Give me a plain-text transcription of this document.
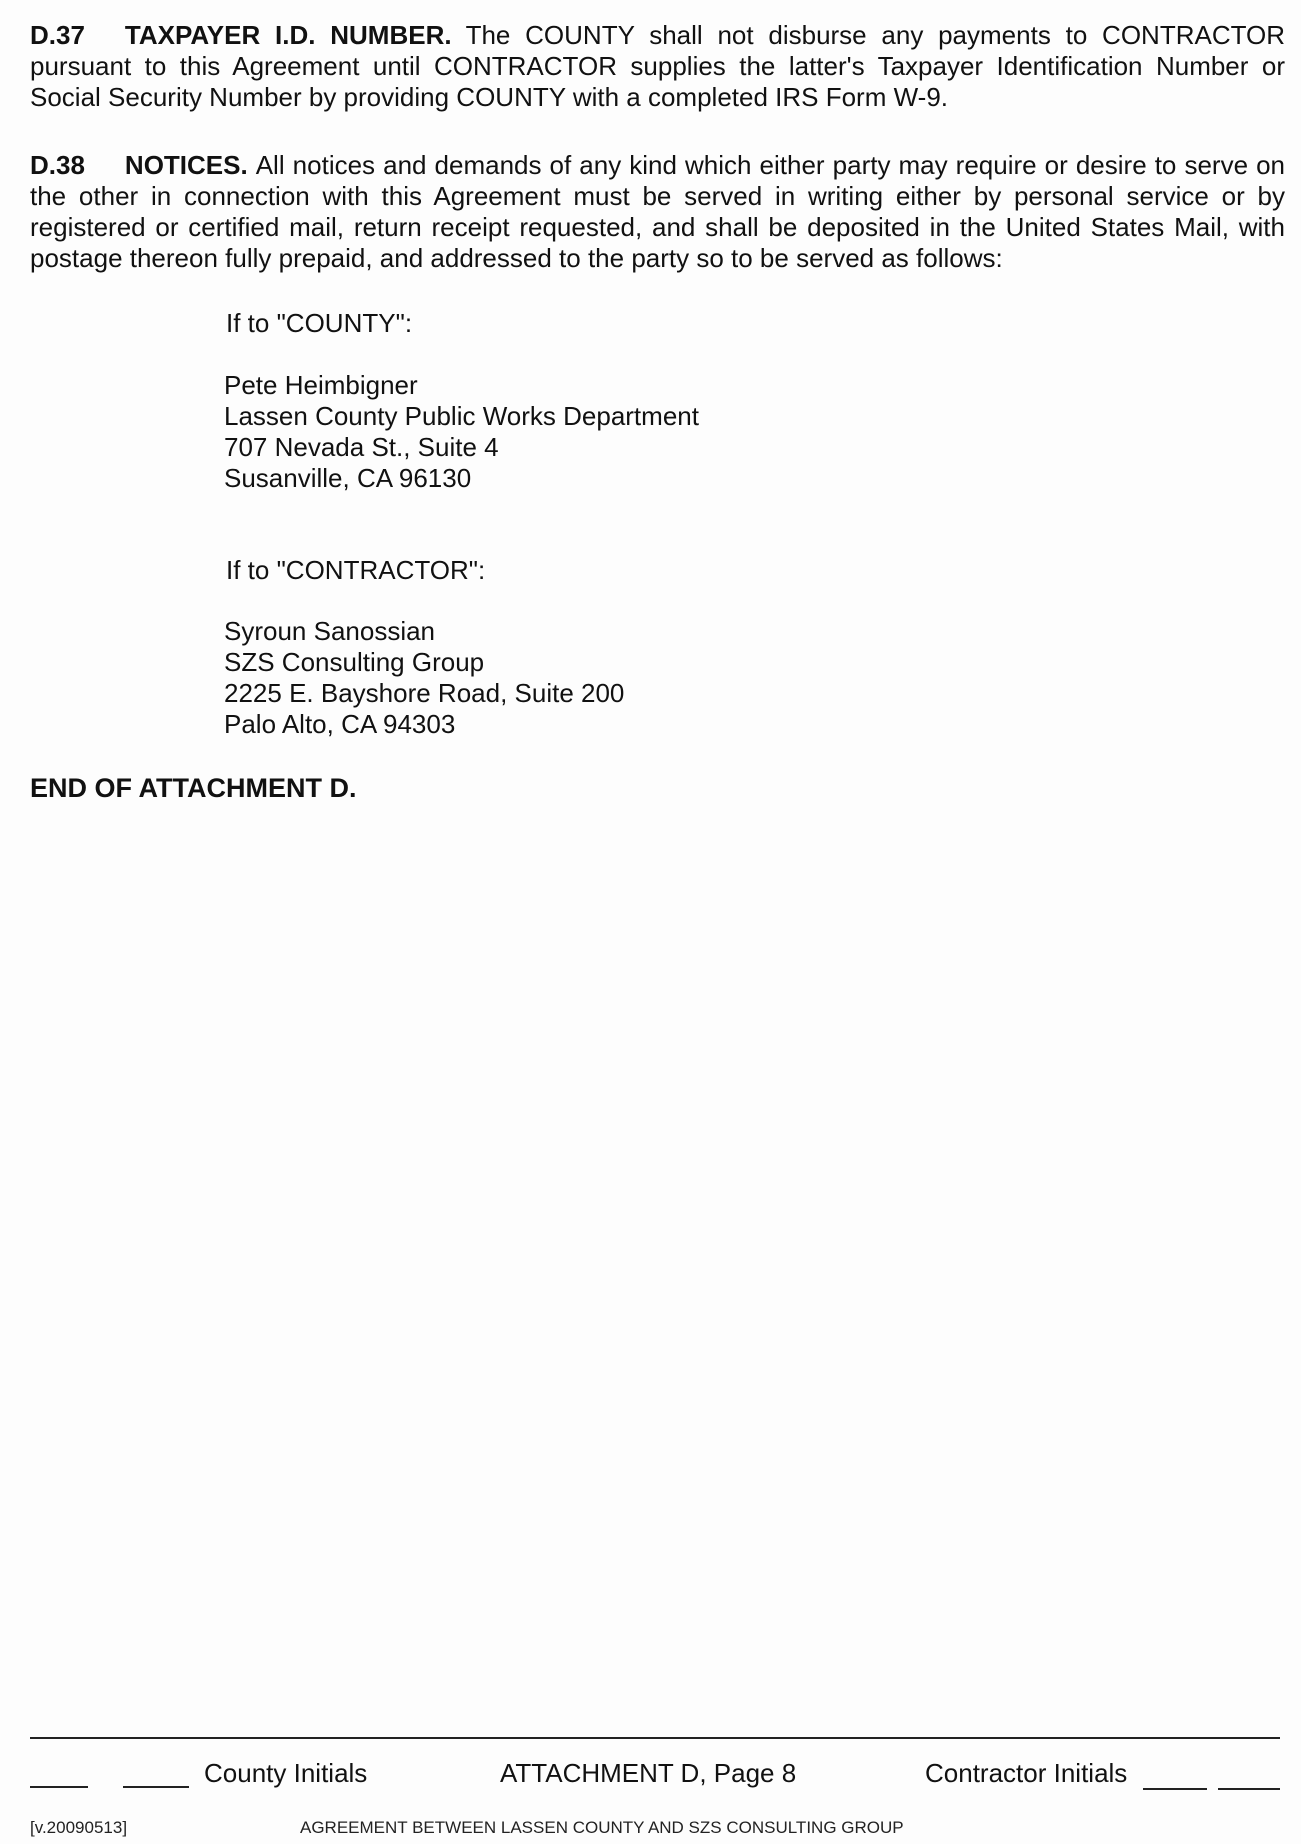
D.37 TAXPAYER I.D. NUMBER. The COUNTY shall not disburse any payments to CONTRACTOR pursuant to this Agreement until CONTRACTOR supplies the latter's Taxpayer Identification Number or Social Security Number by providing COUNTY with a completed IRS Form W-9.
D.38 NOTICES. All notices and demands of any kind which either party may require or desire to serve on the other in connection with this Agreement must be served in writing either by personal service or by registered or certified mail, return receipt requested, and shall be deposited in the United States Mail, with postage thereon fully prepaid, and addressed to the party so to be served as follows:
If to "COUNTY":
Pete Heimbigner
Lassen County Public Works Department
707 Nevada St., Suite 4
Susanville, CA 96130
If to "CONTRACTOR":
Syroun Sanossian
SZS Consulting Group
2225 E. Bayshore Road, Suite 200
Palo Alto, CA 94303
END OF ATTACHMENT D.
County Initials	ATTACHMENT D, Page 8	Contractor Initials
[v.20090513]	AGREEMENT BETWEEN LASSEN COUNTY AND SZS CONSULTING GROUP
